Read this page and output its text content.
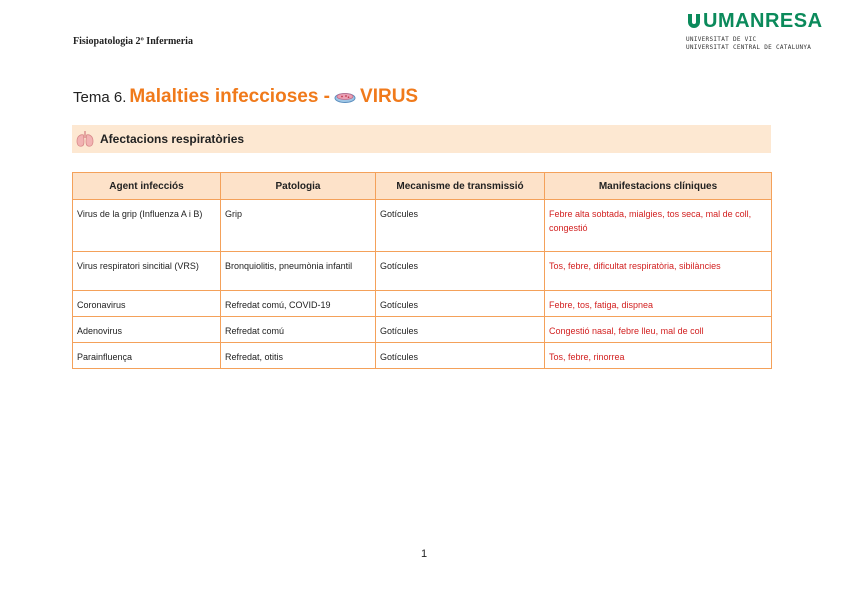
Fisiopatologia 2º Infermeria
UMANRESA
UNIVERSITAT DE VIC
UNIVERSITAT CENTRAL DE CATALUNYA
Tema 6. Malalties infeccioses - VIRUS
Afectacions respiratòries
Agent infecciós	Patologia	Mecanisme de transmissió	Manifestacions clíniques
Virus de la grip (Influenza A i B)	Grip	Gotícules	Febre alta sobtada, mialgies, tos seca, mal de coll, congestió
Virus respiratori sincitial (VRS)	Bronquiolitis, pneumònia infantil	Gotícules	Tos, febre, dificultat respiratòria, sibilàncies
Coronavirus	Refredat comú, COVID-19	Gotícules	Febre, tos, fatiga, dispnea
Adenovirus	Refredat comú	Gotícules	Congestió nasal, febre lleu, mal de coll
Parainfluença	Refredat, otitis	Gotícules	Tos, febre, rinorrea
1
